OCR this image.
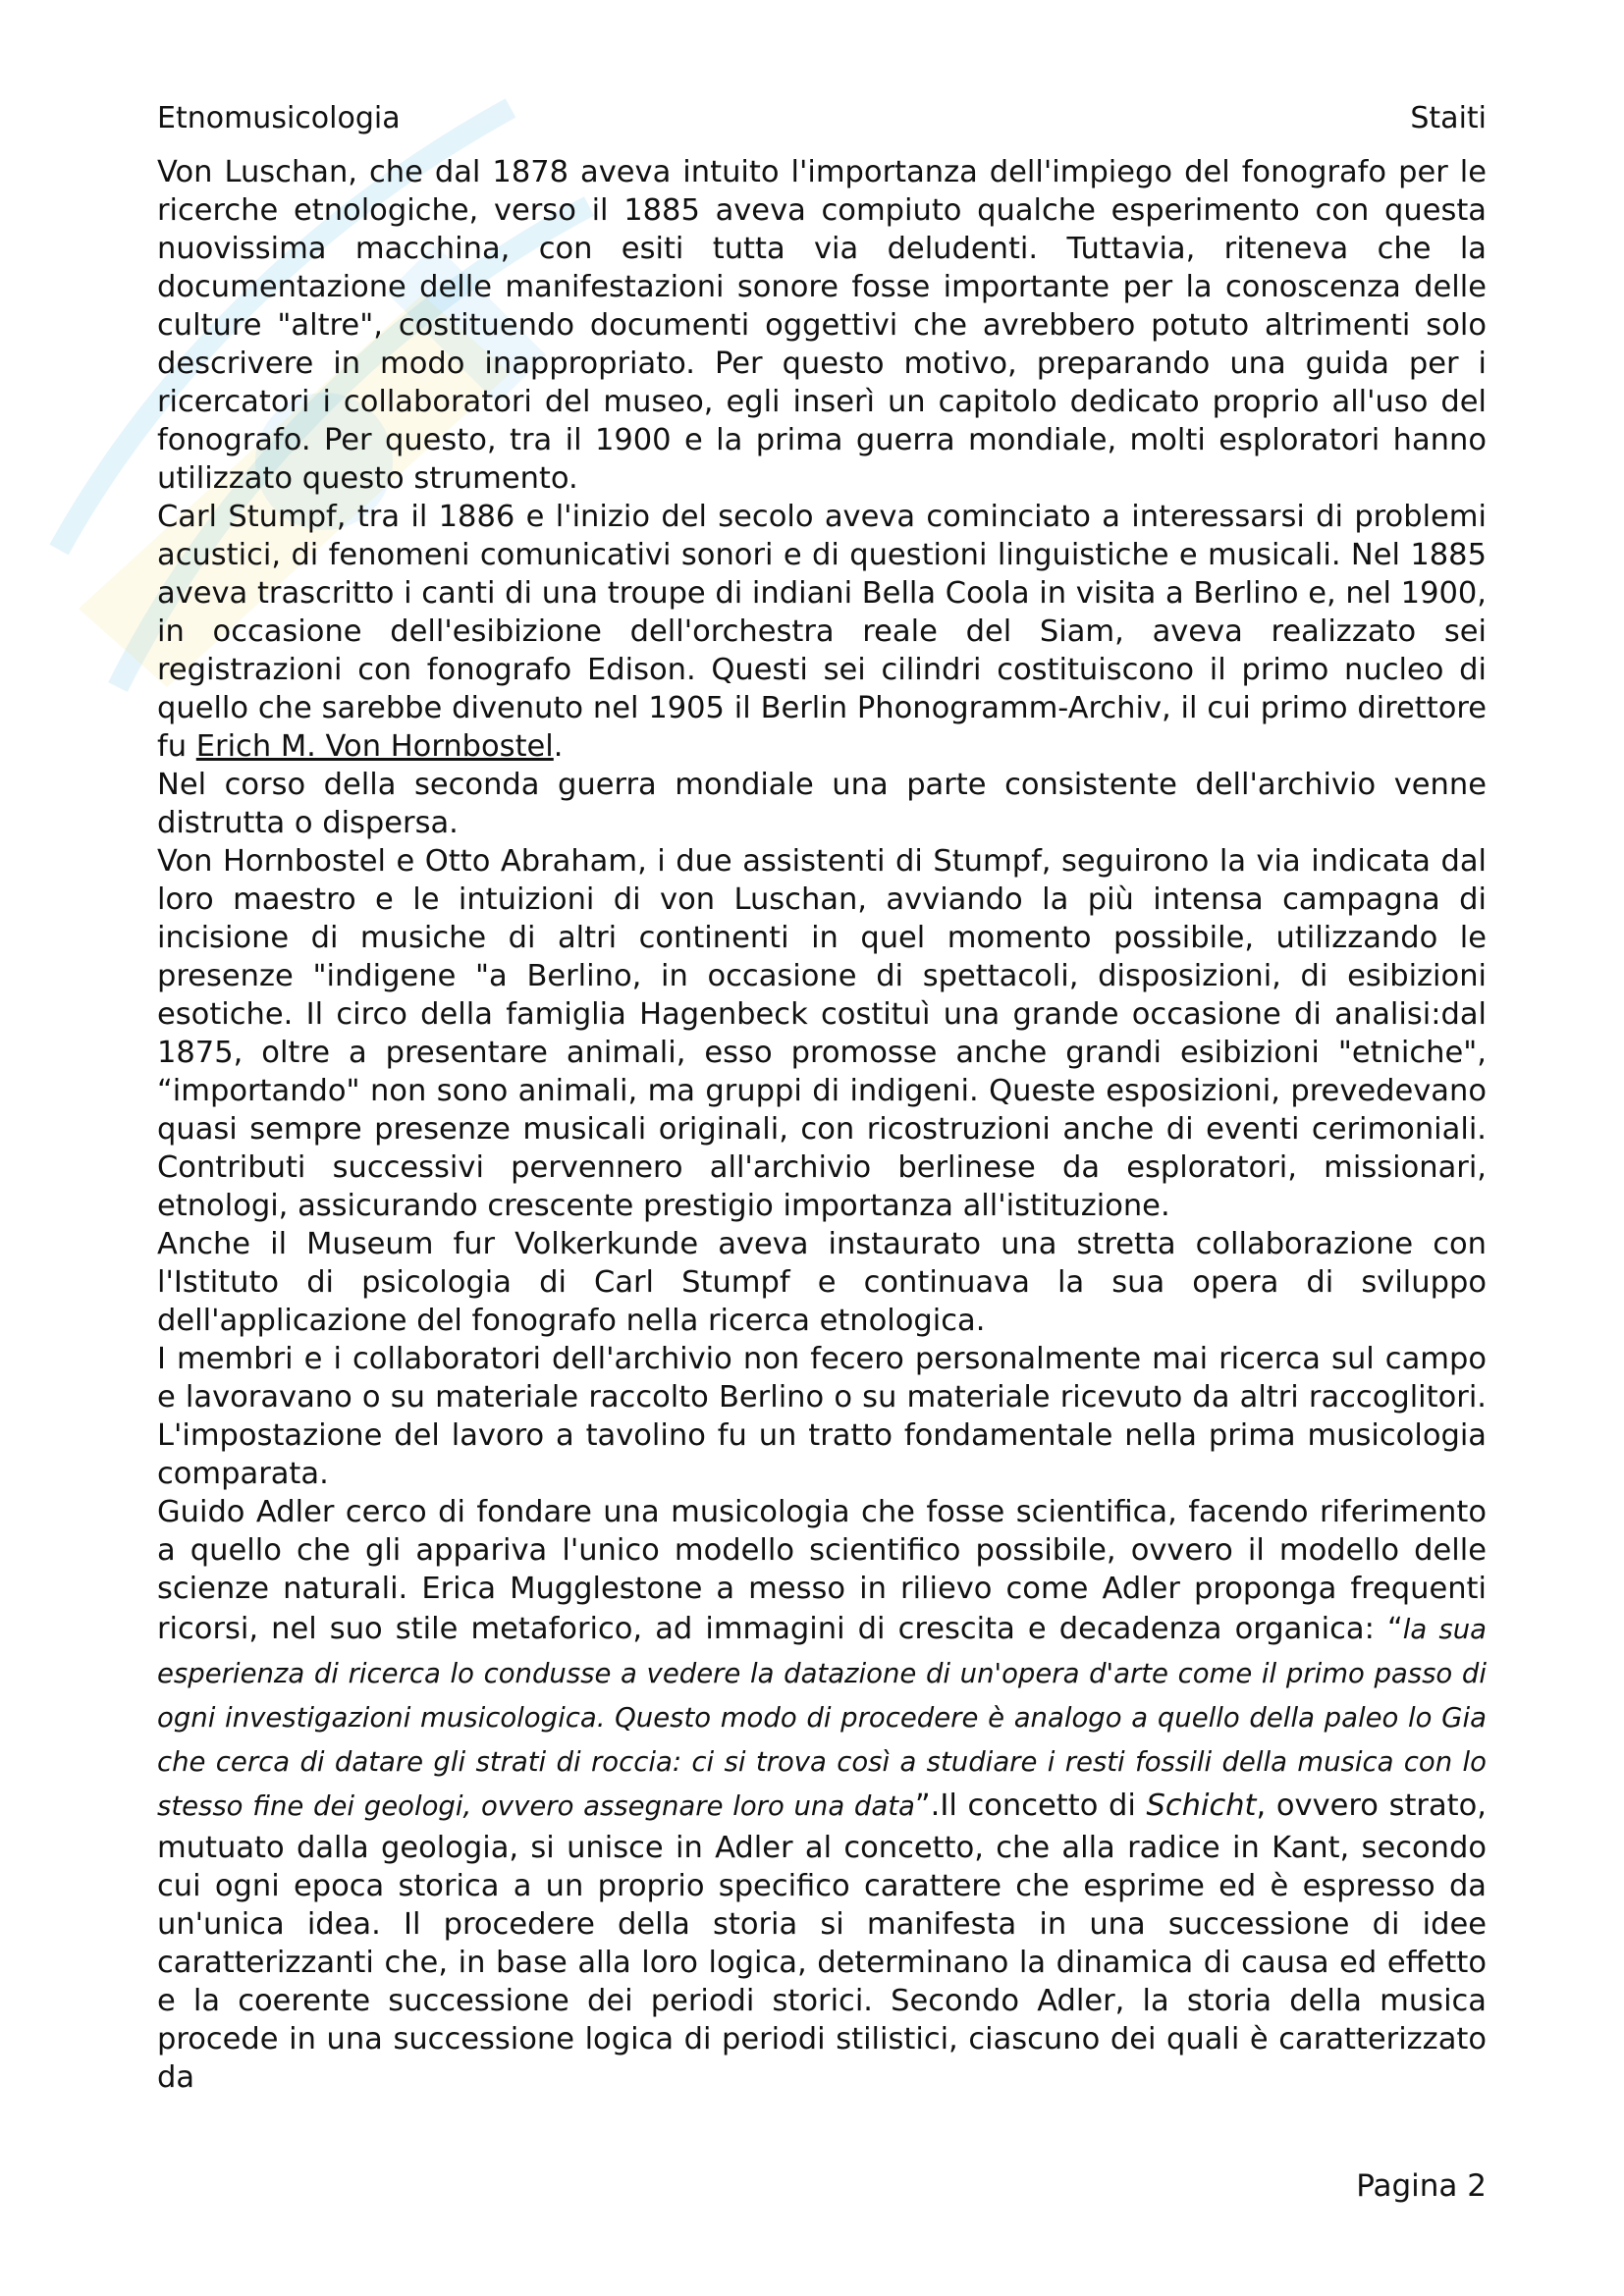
Etnomusicologia	Staiti

Von Luschan, che dal 1878 aveva intuito l'importanza dell'impiego del fonografo per le ricerche etnologiche, verso il 1885 aveva compiuto qualche esperimento con questa nuovissima macchina, con esiti tutta via deludenti. Tuttavia, riteneva che la documentazione delle manifestazioni sonore fosse importante per la conoscenza delle culture "altre", costituendo documenti oggettivi che avrebbero potuto altrimenti solo descrivere in modo inappropriato. Per questo motivo, preparando una guida per i ricercatori i collaboratori del museo, egli inserì un capitolo dedicato proprio all'uso del fonografo. Per questo, tra il 1900 e la prima guerra mondiale, molti esploratori hanno utilizzato questo strumento.

Carl Stumpf, tra il 1886 e l'inizio del secolo aveva cominciato a interessarsi di problemi acustici, di fenomeni comunicativi sonori e di questioni linguistiche e musicali. Nel 1885 aveva trascritto i canti di una troupe di indiani Bella Coola in visita a Berlino e, nel 1900, in occasione dell'esibizione dell'orchestra reale del Siam, aveva realizzato sei registrazioni con fonografo Edison. Questi sei cilindri costituiscono il primo nucleo di quello che sarebbe divenuto nel 1905 il Berlin Phonogramm-Archiv, il cui primo direttore fu Erich M. Von Hornbostel.

Nel corso della seconda guerra mondiale una parte consistente dell'archivio venne distrutta o dispersa.

Von Hornbostel e Otto Abraham, i due assistenti di Stumpf, seguirono la via indicata dal loro maestro e le intuizioni di von Luschan, avviando la più intensa campagna di incisione di musiche di altri continenti in quel momento possibile, utilizzando le presenze "indigene "a Berlino, in occasione di spettacoli, disposizioni, di esibizioni esotiche. Il circo della famiglia Hagenbeck costituì una grande occasione di analisi:dal 1875, oltre a presentare animali, esso promosse anche grandi esibizioni "etniche", “importando" non sono animali, ma gruppi di indigeni. Queste esposizioni, prevedevano quasi sempre presenze musicali originali, con ricostruzioni anche di eventi cerimoniali. Contributi successivi pervennero all'archivio berlinese da esploratori, missionari, etnologi, assicurando crescente prestigio importanza all'istituzione.

Anche il Museum fur Volkerkunde aveva instaurato una stretta collaborazione con l'Istituto di psicologia di Carl Stumpf e continuava la sua opera di sviluppo dell'applicazione del fonografo nella ricerca etnologica.

I membri e i collaboratori dell'archivio non fecero personalmente mai ricerca sul campo e lavoravano o su materiale raccolto Berlino o su materiale ricevuto da altri raccoglitori. L'impostazione del lavoro a tavolino fu un tratto fondamentale nella prima musicologia comparata.

Guido Adler cerco di fondare una musicologia che fosse scientifica, facendo riferimento a quello che gli appariva l'unico modello scientifico possibile, ovvero il modello delle scienze naturali. Erica Mugglestone a messo in rilievo come Adler proponga frequenti ricorsi, nel suo stile metaforico, ad immagini di crescita e decadenza organica: “la sua esperienza di ricerca lo condusse a vedere la datazione di un'opera d'arte come il primo passo di ogni investigazioni musicologica. Questo modo di procedere è analogo a quello della paleo lo Gia che cerca di datare gli strati di roccia: ci si trova così a studiare i resti fossili della musica con lo stesso fine dei geologi, ovvero assegnare loro una data”.Il concetto di Schicht, ovvero strato, mutuato dalla geologia, si unisce in Adler al concetto, che alla radice in Kant, secondo cui ogni epoca storica a un proprio specifico carattere che esprime ed è espresso da un'unica idea. Il procedere della storia si manifesta in una successione di idee caratterizzanti che, in base alla loro logica, determinano la dinamica di causa ed effetto e la coerente successione dei periodi storici. Secondo Adler, la storia della musica procede in una successione logica di periodi stilistici, ciascuno dei quali è caratterizzato da

Pagina 2
